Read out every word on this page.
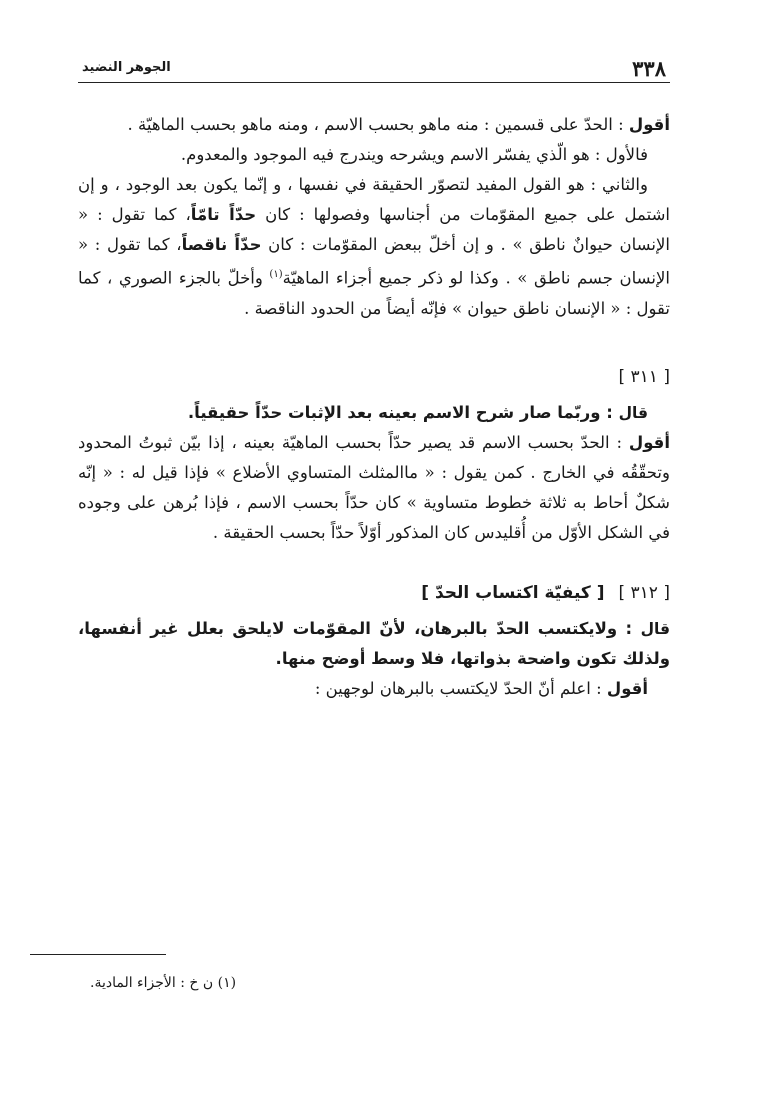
٣٣٨
الجوهر النضيد

أقول : الحدّ على قسمين : منه ماهو بحسب الاسم ، ومنه ماهو بحسب الماهيّة .

فالأول : هو الّذي يفسّر الاسم ويشرحه ويندرج فيه الموجود والمعدوم.

والثاني : هو القول المفيد لتصوّر الحقيقة في نفسها ، و إنّما يكون بعد الوجود ، و إن اشتمل على جميع المقوّمات من أجناسها وفصولها : كان حدّاً تامّاً، كما تقول : « الإنسان حيوانٌ ناطق » . و إن أخلّ ببعض المقوّمات : كان حدّاً ناقصاً، كما تقول : « الإنسان جسم ناطق » . وكذا لو ذكر جميع أجزاء الماهيّة$^{(١)}$ وأخلّ بالجزء الصوري ، كما تقول : « الإنسان ناطق حيوان » فإنّه أيضاً من الحدود الناقصة .

[ ٣١١ ]

قال : وربّما صار شرح الاسم بعينه بعد الإثبات حدّاً حقيقياً.

أقول : الحدّ بحسب الاسم قد يصير حدّاً بحسب الماهيّة بعينه ، إذا بيّن ثبوتُ المحدود وتحقّقُه في الخارج . كمن يقول : « ماالمثلث المتساوي الأضلاع » فإذا قيل له : « إنّه شكلٌ أحاط به ثلاثة خطوط متساوية » كان حدّاً بحسب الاسم ، فإذا بُرهن على وجوده في الشكل الأوّل من أُقليدس كان المذكور أوّلاً حدّاً بحسب الحقيقة .

[ ٣١٢ ][ كيفيّة اكتساب الحدّ ]

قال : ولايكتسب الحدّ بالبرهان، لأنّ المقوّمات لايلحق بعلل غير أنفسها، ولذلك تكون واضحة بذواتها، فلا وسط أوضح منها.

أقول : اعلم أنّ الحدّ لايكتسب بالبرهان لوجهين :

(١) ن خ : الأجزاء المادية.
